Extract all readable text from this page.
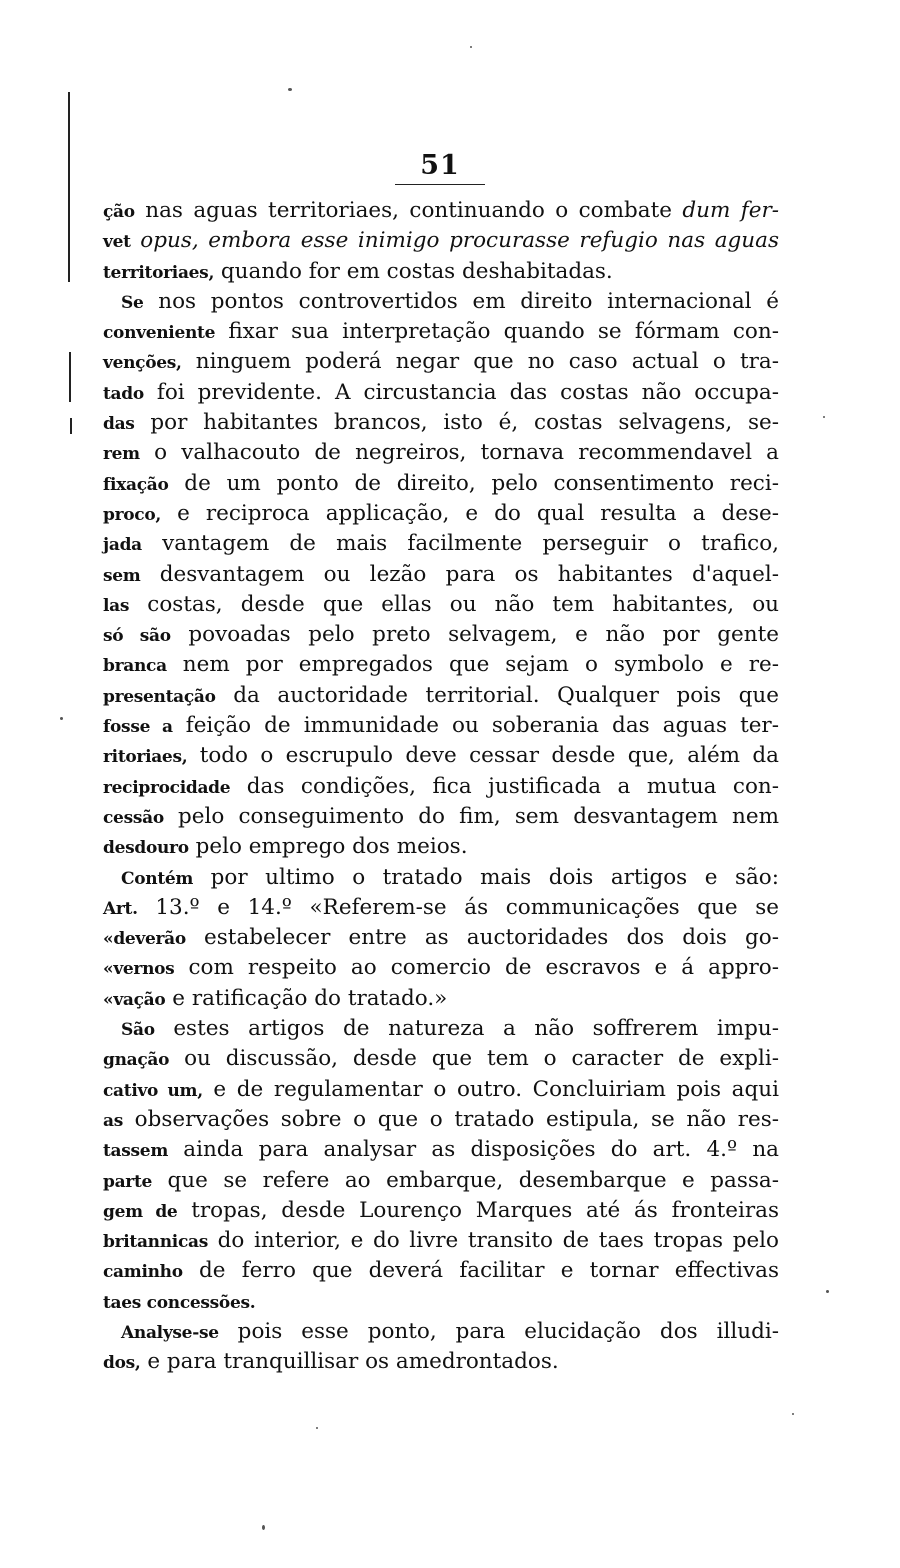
51
ção nas aguas territoriaes, continuando o combate dum fer-
vet opus, embora esse inimigo procurasse refugio nas aguas
territoriaes, quando for em costas deshabitadas.
Se nos pontos controvertidos em direito internacional é
conveniente fixar sua interpretação quando se fórmam con-
venções, ninguem poderá negar que no caso actual o tra-
tado foi previdente. A circustancia das costas não occupa-
das por habitantes brancos, isto é, costas selvagens, se-
rem o valhacouto de negreiros, tornava recommendavel a
fixação de um ponto de direito, pelo consentimento reci-
proco, e reciproca applicação, e do qual resulta a dese-
jada vantagem de mais facilmente perseguir o trafico,
sem desvantagem ou lezão para os habitantes d'aquel-
las costas, desde que ellas ou não tem habitantes, ou
só são povoadas pelo preto selvagem, e não por gente
branca nem por empregados que sejam o symbolo e re-
presentação da auctoridade territorial. Qualquer pois que
fosse a feição de immunidade ou soberania das aguas ter-
ritoriaes, todo o escrupulo deve cessar desde que, além da
reciprocidade das condições, fica justificada a mutua con-
cessão pelo conseguimento do fim, sem desvantagem nem
desdouro pelo emprego dos meios.
Contém por ultimo o tratado mais dois artigos e são:
Art. 13.º e 14.º «Referem-se ás communicações que se
«deverão estabelecer entre as auctoridades dos dois go-
«vernos com respeito ao comercio de escravos e á appro-
«vação e ratificação do tratado.»
São estes artigos de natureza a não soffrerem impu-
gnação ou discussão, desde que tem o caracter de expli-
cativo um, e de regulamentar o outro. Concluiriam pois aqui
as observações sobre o que o tratado estipula, se não res-
tassem ainda para analysar as disposições do art. 4.º na
parte que se refere ao embarque, desembarque e passa-
gem de tropas, desde Lourenço Marques até ás fronteiras
britannicas do interior, e do livre transito de taes tropas pelo
caminho de ferro que deverá facilitar e tornar effectivas
taes concessões.
Analyse-se pois esse ponto, para elucidação dos illudi-
dos, e para tranquillisar os amedrontados.
